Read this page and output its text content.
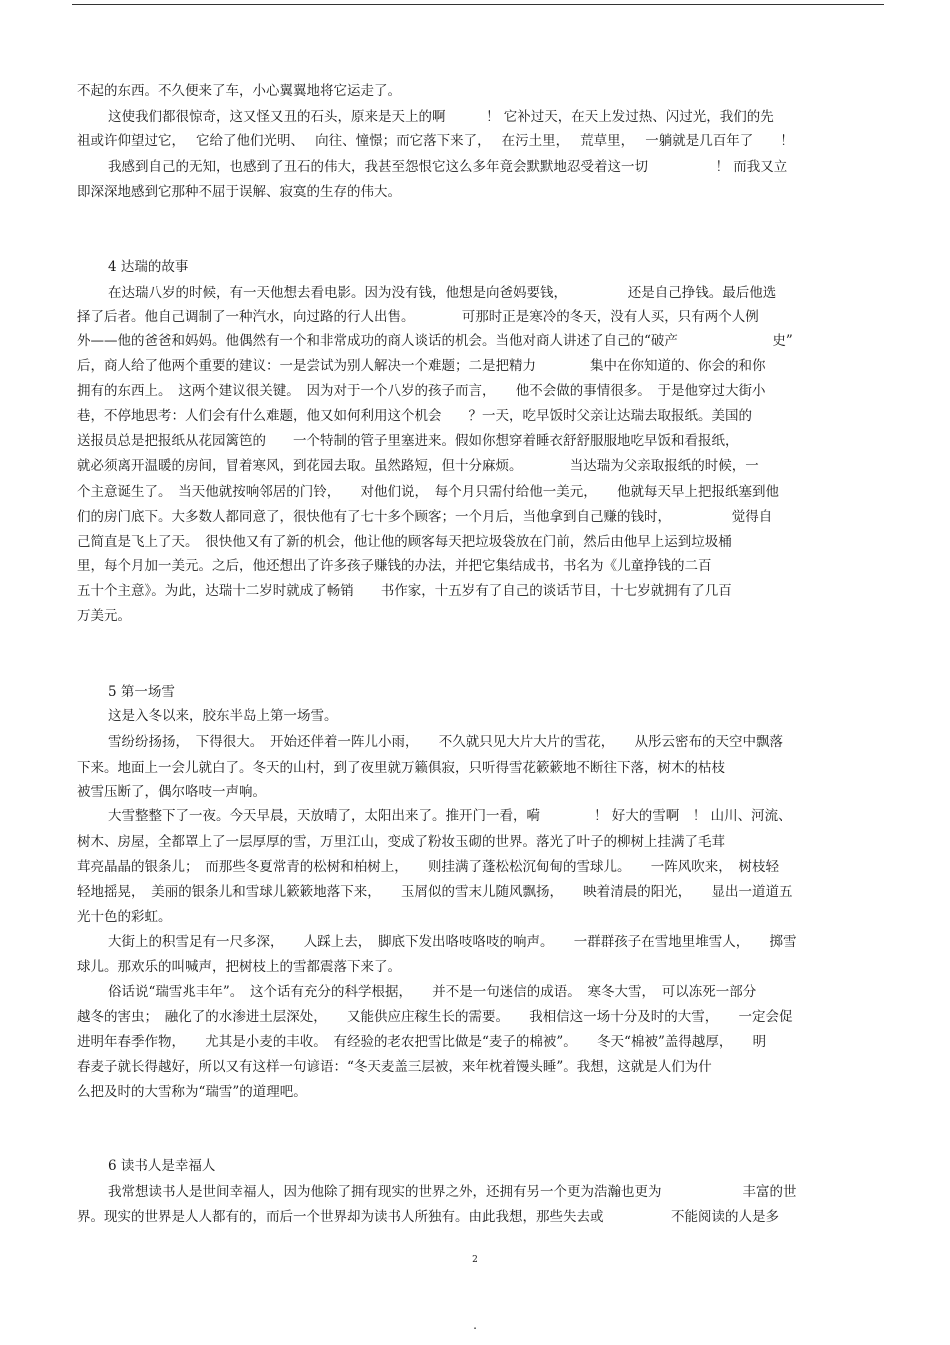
不起的东西。不久便来了车，小心翼翼地将它运走了。
这使我们都很惊奇，这又怪又丑的石头，原来是天上的啊　　　！ 它补过天，在天上发过热、闪过光，我们的先
祖或许仰望过它，　 它给了他们光明、　 向往、憧憬；而它落下来了，　 在污土里，　 荒草里，　 一躺就是几百年了　　！
我感到自己的无知，也感到了丑石的伟大，我甚至怨恨它这么多年竟会默默地忍受着这一切　　　　　！ 而我又立
即深深地感到它那种不屈于误解、寂寞的生存的伟大。
4 达瑞的故事
在达瑞八岁的时候，有一天他想去看电影。因为没有钱，他想是向爸妈要钱，　　　　　还是自己挣钱。最后他选
择了后者。他自己调制了一种汽水，向过路的行人出售。　　　　可那时正是寒冷的冬天，没有人买，只有两个人例
外——他的爸爸和妈妈。他偶然有一个和非常成功的商人谈话的机会。当他对商人讲述了自己的“破产　　　　　　　史”
后，商人给了他两个重要的建议：一是尝试为别人解决一个难题；二是把精力　　　　集中在你知道的、你会的和你
拥有的东西上。　这两个建议很关键。　因为对于一个八岁的孩子而言，　　他不会做的事情很多。　于是他穿过大街小
巷，不停地思考：人们会有什么难题，他又如何利用这个机会　　？一天，吃早饭时父亲让达瑞去取报纸。美国的
送报员总是把报纸从花园篱笆的　　一个特制的管子里塞进来。假如你想穿着睡衣舒舒服服地吃早饭和看报纸，
就必须离开温暖的房间，冒着寒风，到花园去取。虽然路短，但十分麻烦。　　　　当达瑞为父亲取报纸的时候，一
个主意诞生了。　当天他就按响邻居的门铃，　　对他们说，　每个月只需付给他一美元，　　他就每天早上把报纸塞到他
们的房门底下。大多数人都同意了，很快他有了七十多个顾客；一个月后，当他拿到自己赚的钱时，　　　　　觉得自
己简直是飞上了天。　很快他又有了新的机会，他让他的顾客每天把垃圾袋放在门前，然后由他早上运到垃圾桶
里，每个月加一美元。之后，他还想出了许多孩子赚钱的办法，并把它集结成书，书名为《儿童挣钱的二百
五十个主意》。为此，达瑞十二岁时就成了畅销　　书作家，十五岁有了自己的谈话节目，十七岁就拥有了几百
万美元。
5 第一场雪
这是入冬以来，胶东半岛上第一场雪。
雪纷纷扬扬，　下得很大。　开始还伴着一阵儿小雨，　　不久就只见大片大片的雪花，　　从彤云密布的天空中飘落
下来。地面上一会儿就白了。冬天的山村，到了夜里就万籁俱寂，只听得雪花簌簌地不断往下落，树木的枯枝
被雪压断了，偶尔咯吱一声响。
大雪整整下了一夜。今天早晨，天放晴了，太阳出来了。推开门一看，嗬　　　　！ 好大的雪啊　！ 山川、河流、
树木、房屋，全都罩上了一层厚厚的雪，万里江山，变成了粉妆玉砌的世界。落光了叶子的柳树上挂满了毛茸
茸亮晶晶的银条儿；　而那些冬夏常青的松树和柏树上，　　则挂满了蓬松松沉甸甸的雪球儿。　　一阵风吹来，　树枝轻
轻地摇晃，　美丽的银条儿和雪球儿簌簌地落下来，　　玉屑似的雪末儿随风飘扬，　　映着清晨的阳光，　　显出一道道五
光十色的彩虹。
大街上的积雪足有一尺多深，　　人踩上去，　脚底下发出咯吱咯吱的响声。　　一群群孩子在雪地里堆雪人，　　掷雪
球儿。那欢乐的叫喊声，把树枝上的雪都震落下来了。
俗话说“瑞雪兆丰年”。　这个话有充分的科学根据，　　并不是一句迷信的成语。　寒冬大雪，　可以冻死一部分
越冬的害虫；　融化了的水渗进土层深处，　　又能供应庄稼生长的需要。　　我相信这一场十分及时的大雪，　　一定会促
进明年春季作物，　　尤其是小麦的丰收。　有经验的老农把雪比做是“麦子的棉被”。　　冬天“棉被”盖得越厚，　　明
春麦子就长得越好，所以又有这样一句谚语：“冬天麦盖三层被，来年枕着馒头睡”。我想，这就是人们为什
么把及时的大雪称为“瑞雪”的道理吧。
6 读书人是幸福人
我常想读书人是世间幸福人，因为他除了拥有现实的世界之外，还拥有另一个更为浩瀚也更为　　　　　　丰富的世
界。现实的世界是人人都有的，而后一个世界却为读书人所独有。由此我想，那些失去或　　　　　不能阅读的人是多
2
.
